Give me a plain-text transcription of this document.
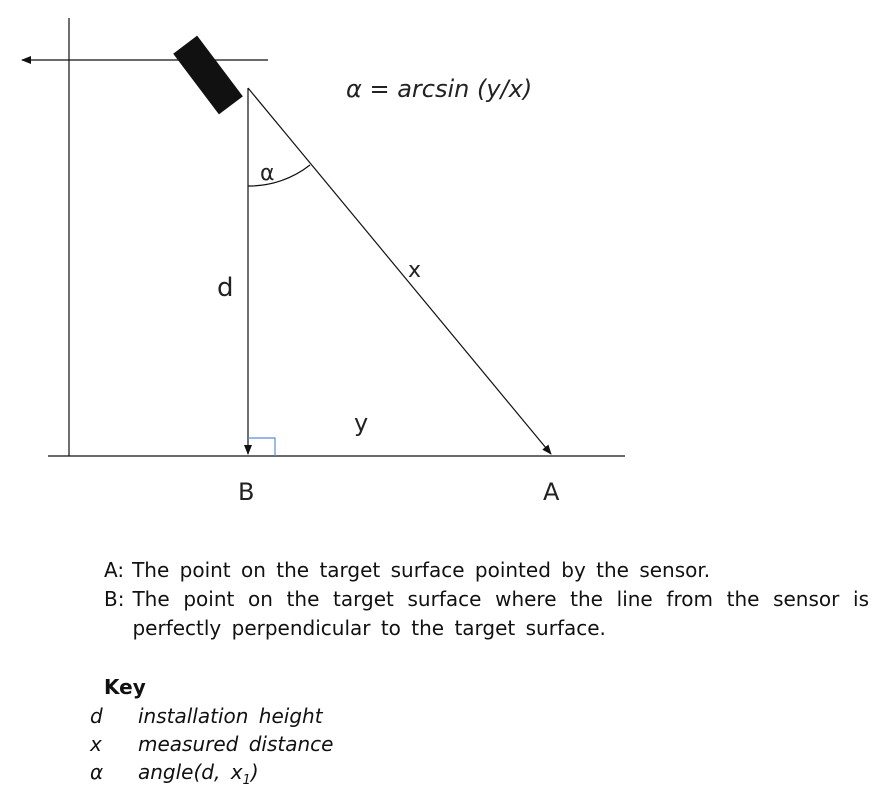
α = arcsin (y/x)
α
d
x
y
B	A
A: The point on the target surface pointed by the sensor.
B: The point on the target surface where the line from the sensor is perfectly perpendicular to the target surface.
Key
d	installation height
x	measured distance
α	angle(d, $x_1$)
